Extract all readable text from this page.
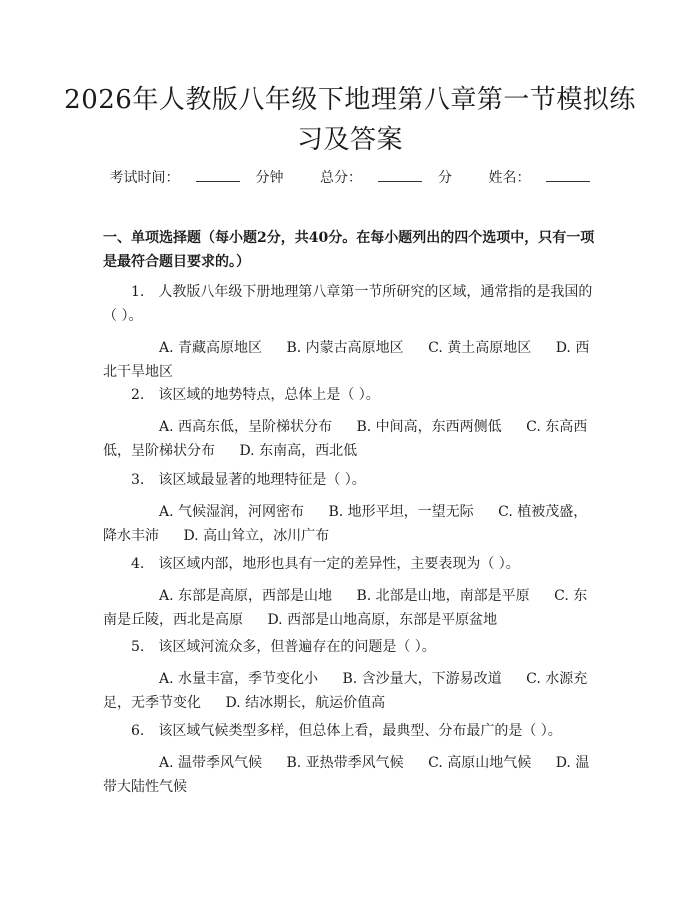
2026年人教版八年级下地理第八章第一节模拟练习及答案
考试时间：	分钟	总分：	分	姓名：
一、单项选择题（每小题2分，共40分。在每小题列出的四个选项中，只有一项是最符合题目要求的。）
1.　人教版八年级下册地理第八章第一节所研究的区域，通常指的是我国的（ ）。
A. 青藏高原地区 B. 内蒙古高原地区 C. 黄土高原地区 D. 西北干旱地区
2.　该区域的地势特点，总体上是（ ）。
A. 西高东低，呈阶梯状分布 B. 中间高，东西两侧低 C. 东高西低，呈阶梯状分布 D. 东南高，西北低
3.　该区域最显著的地理特征是（ ）。
A. 气候湿润，河网密布 B. 地形平坦，一望无际 C. 植被茂盛，降水丰沛 D. 高山耸立，冰川广布
4.　该区域内部，地形也具有一定的差异性，主要表现为（ ）。
A. 东部是高原，西部是山地 B. 北部是山地，南部是平原 C. 东南是丘陵，西北是高原 D. 西部是山地高原，东部是平原盆地
5.　该区域河流众多，但普遍存在的问题是（ ）。
A. 水量丰富，季节变化小 B. 含沙量大，下游易改道 C. 水源充足，无季节变化 D. 结冰期长，航运价值高
6.　该区域气候类型多样，但总体上看，最典型、分布最广的是（ ）。
A. 温带季风气候 B. 亚热带季风气候 C. 高原山地气候 D. 温带大陆性气候
